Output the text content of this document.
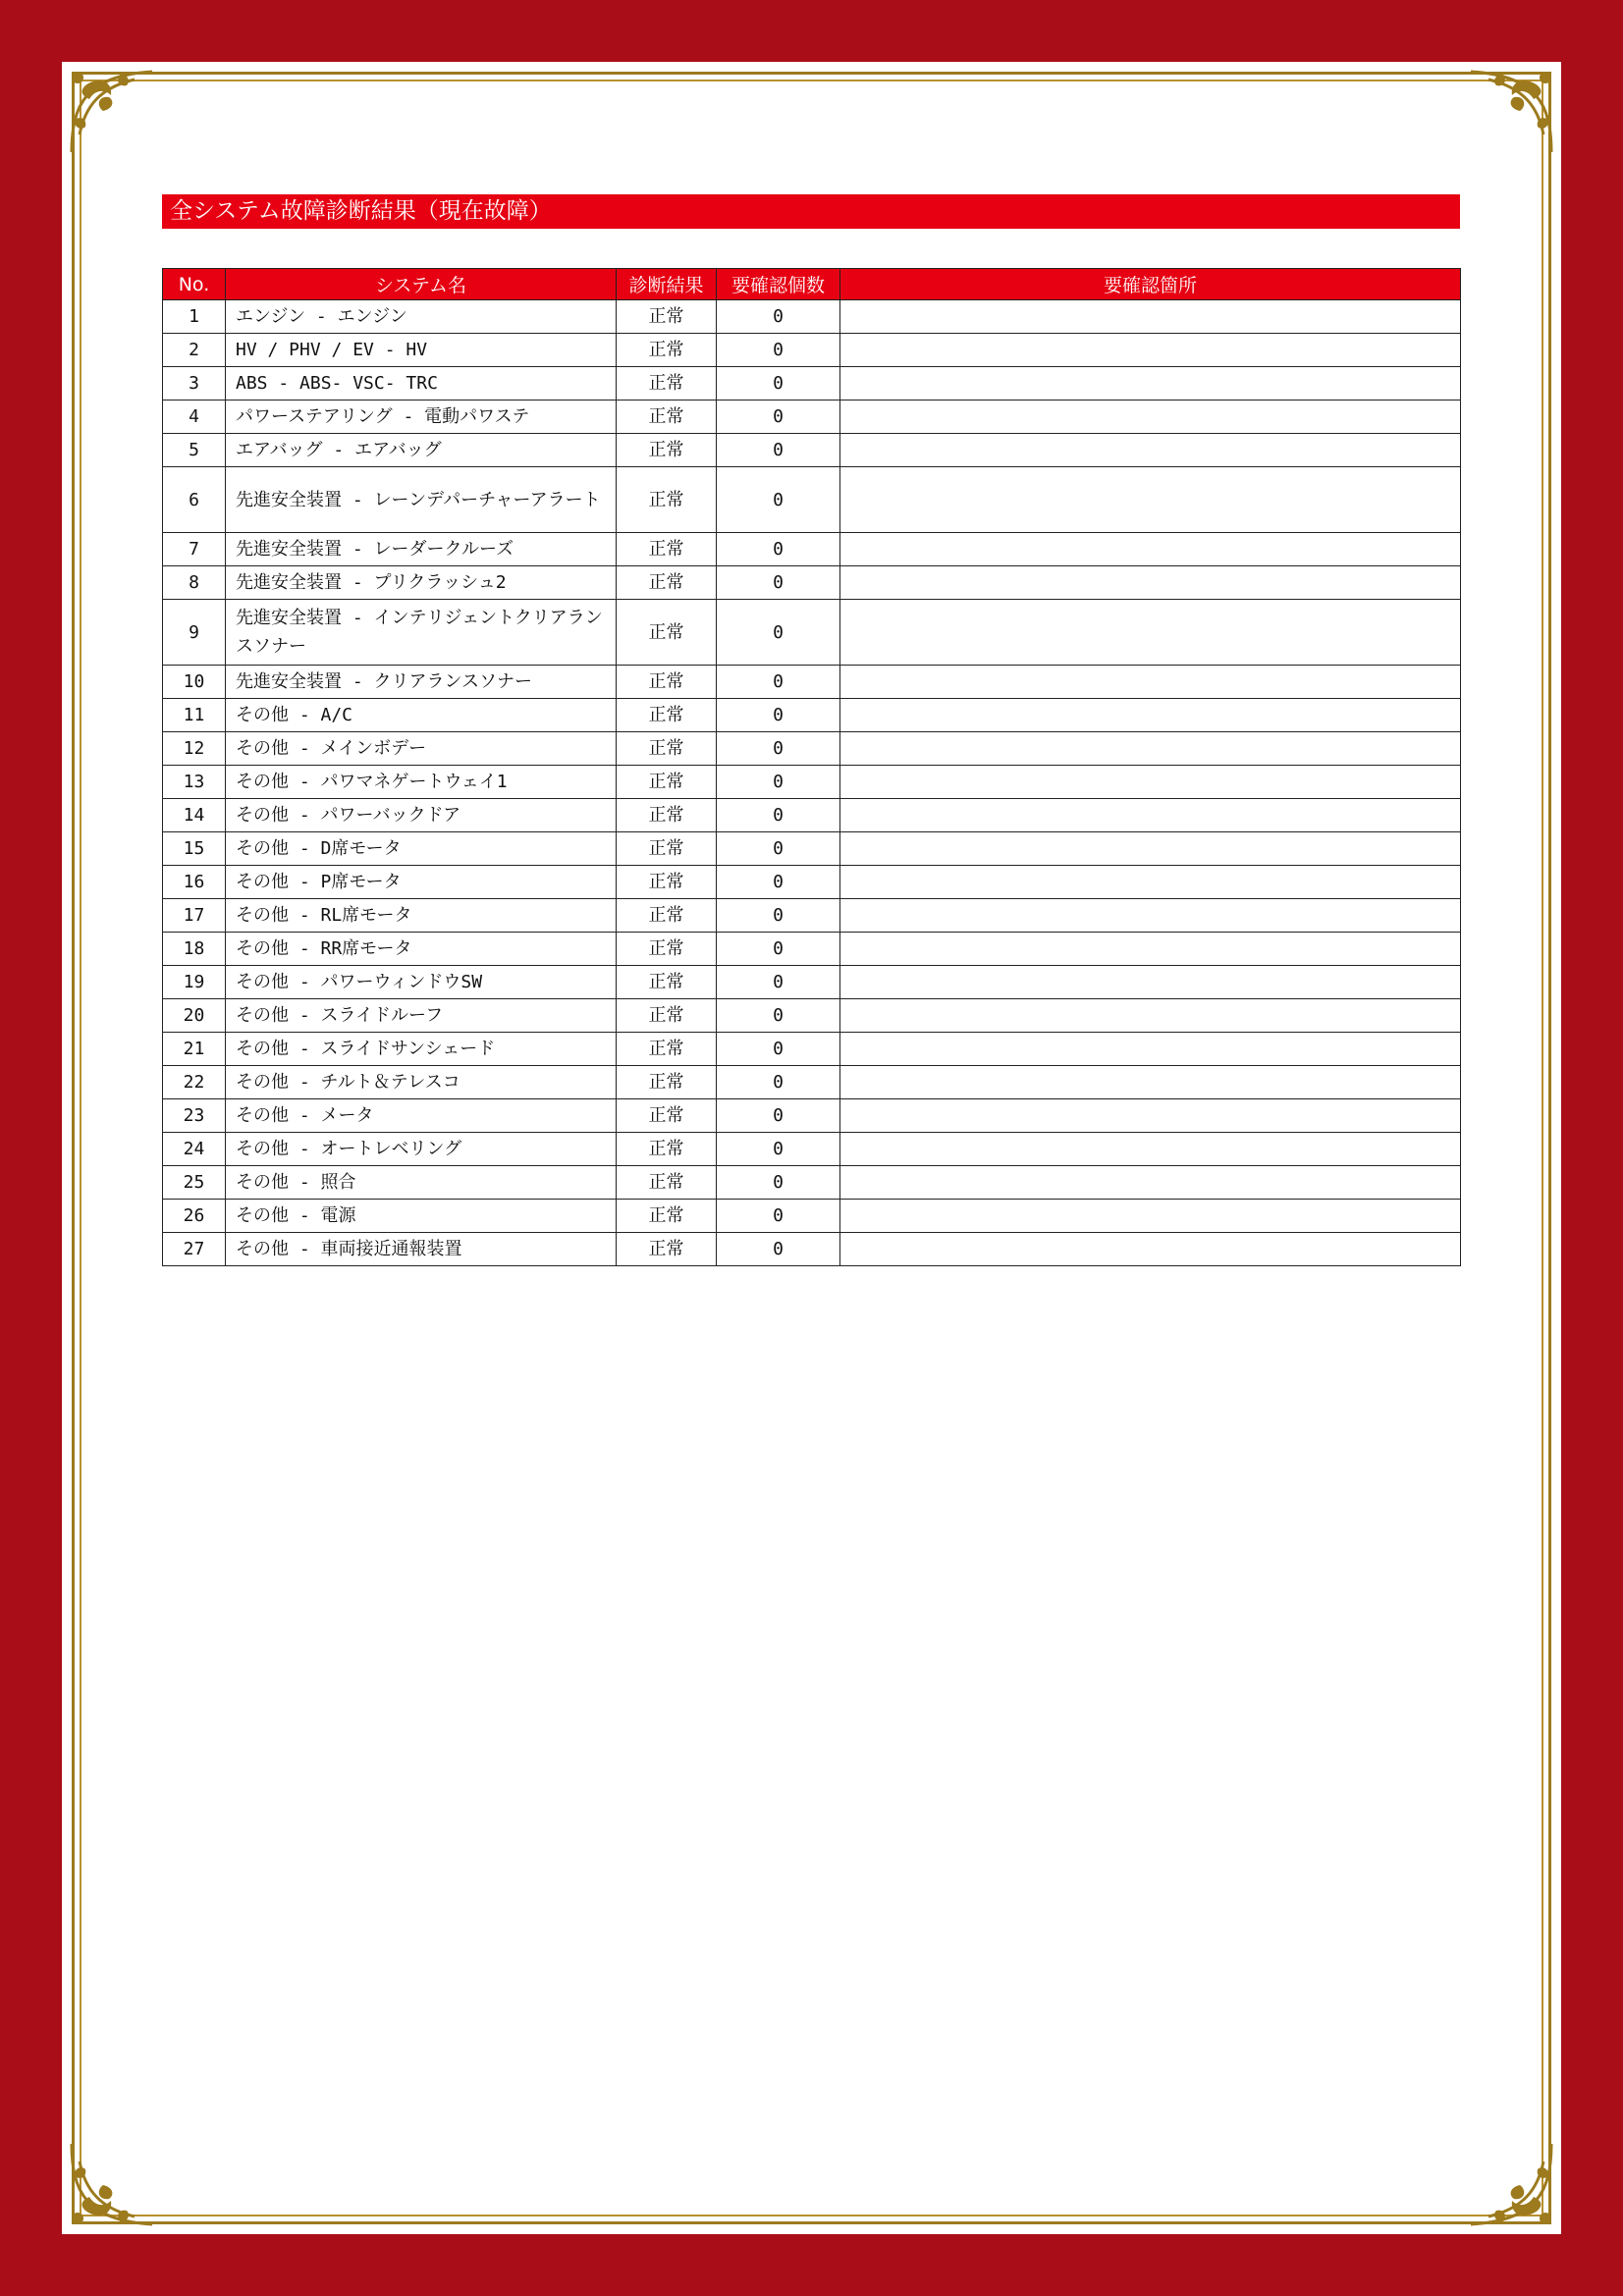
全システム故障診断結果（現在故障）
No.	システム名	診断結果	要確認個数	要確認箇所
1	エンジン - エンジン	正常	0	
2	HV / PHV / EV - HV	正常	0	
3	ABS - ABS- VSC- TRC	正常	0	
4	パワーステアリング - 電動パワステ	正常	0	
5	エアバッグ - エアバッグ	正常	0	
6	先進安全装置 - レーンデパーチャーアラート	正常	0	
7	先進安全装置 - レーダークルーズ	正常	0	
8	先進安全装置 - プリクラッシュ2	正常	0	
9	先進安全装置 - インテリジェントクリアランスソナー	正常	0	
10	先進安全装置 - クリアランスソナー	正常	0	
11	その他 - A/C	正常	0	
12	その他 - メインボデー	正常	0	
13	その他 - パワマネゲートウェイ1	正常	0	
14	その他 - パワーバックドア	正常	0	
15	その他 - D席モータ	正常	0	
16	その他 - P席モータ	正常	0	
17	その他 - RL席モータ	正常	0	
18	その他 - RR席モータ	正常	0	
19	その他 - パワーウィンドウSW	正常	0	
20	その他 - スライドルーフ	正常	0	
21	その他 - スライドサンシェード	正常	0	
22	その他 - チルト＆テレスコ	正常	0	
23	その他 - メータ	正常	0	
24	その他 - オートレベリング	正常	0	
25	その他 - 照合	正常	0	
26	その他 - 電源	正常	0	
27	その他 - 車両接近通報装置	正常	0	
